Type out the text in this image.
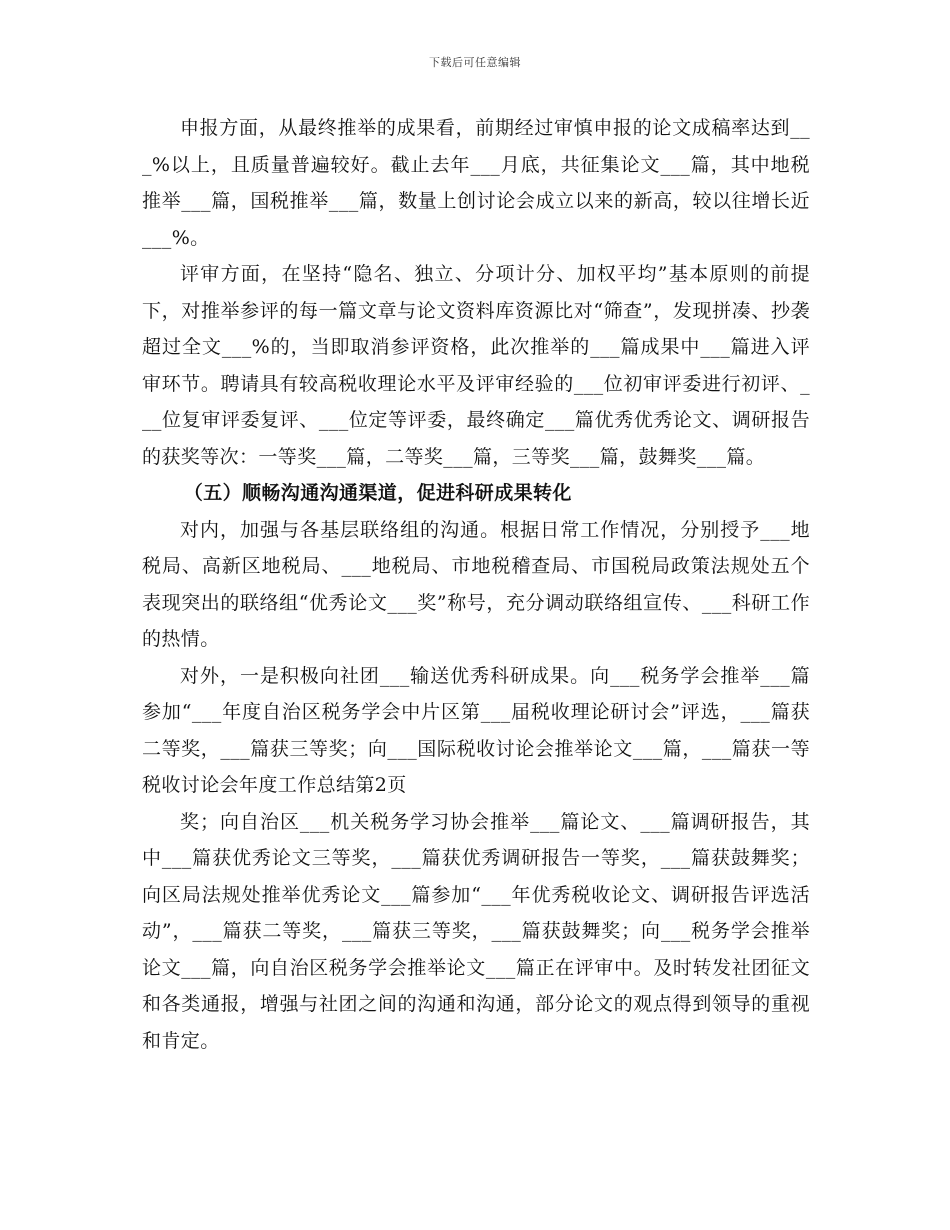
下载后可任意编辑

申报方面，从最终推举的成果看，前期经过审慎申报的论文成稿率达到___%以上，且质量普遍较好。截止去年___月底，共征集论文___篇，其中地税推举___篇，国税推举___篇，数量上创讨论会成立以来的新高，较以往增长近___%。

评审方面，在坚持“隐名、独立、分项计分、加权平均”基本原则的前提下，对推举参评的每一篇文章与论文资料库资源比对“筛查”，发现拼凑、抄袭超过全文___%的，当即取消参评资格，此次推举的___篇成果中___篇进入评审环节。聘请具有较高税收理论水平及评审经验的___位初审评委进行初评、___位复审评委复评、___位定等评委，最终确定___篇优秀优秀论文、调研报告的获奖等次：一等奖___篇，二等奖___篇，三等奖___篇，鼓舞奖___篇。

（五）顺畅沟通沟通渠道，促进科研成果转化

对内，加强与各基层联络组的沟通。根据日常工作情况，分别授予___地税局、高新区地税局、___地税局、市地税稽查局、市国税局政策法规处五个表现突出的联络组“优秀论文___奖”称号，充分调动联络组宣传、___科研工作的热情。

对外，一是积极向社团___输送优秀科研成果。向___税务学会推举___篇参加“___年度自治区税务学会中片区第___届税收理论研讨会”评选，___篇获二等奖，___篇获三等奖；向___国际税收讨论会推举论文___篇，___篇获一等税收讨论会年度工作总结第2页

奖；向自治区___机关税务学习协会推举___篇论文、___篇调研报告，其中___篇获优秀论文三等奖，___篇获优秀调研报告一等奖，___篇获鼓舞奖；向区局法规处推举优秀论文___篇参加“___年优秀税收论文、调研报告评选活动”，___篇获二等奖，___篇获三等奖，___篇获鼓舞奖；向___税务学会推举论文___篇，向自治区税务学会推举论文___篇正在评审中。及时转发社团征文和各类通报，增强与社团之间的沟通和沟通，部分论文的观点得到领导的重视和肯定。
